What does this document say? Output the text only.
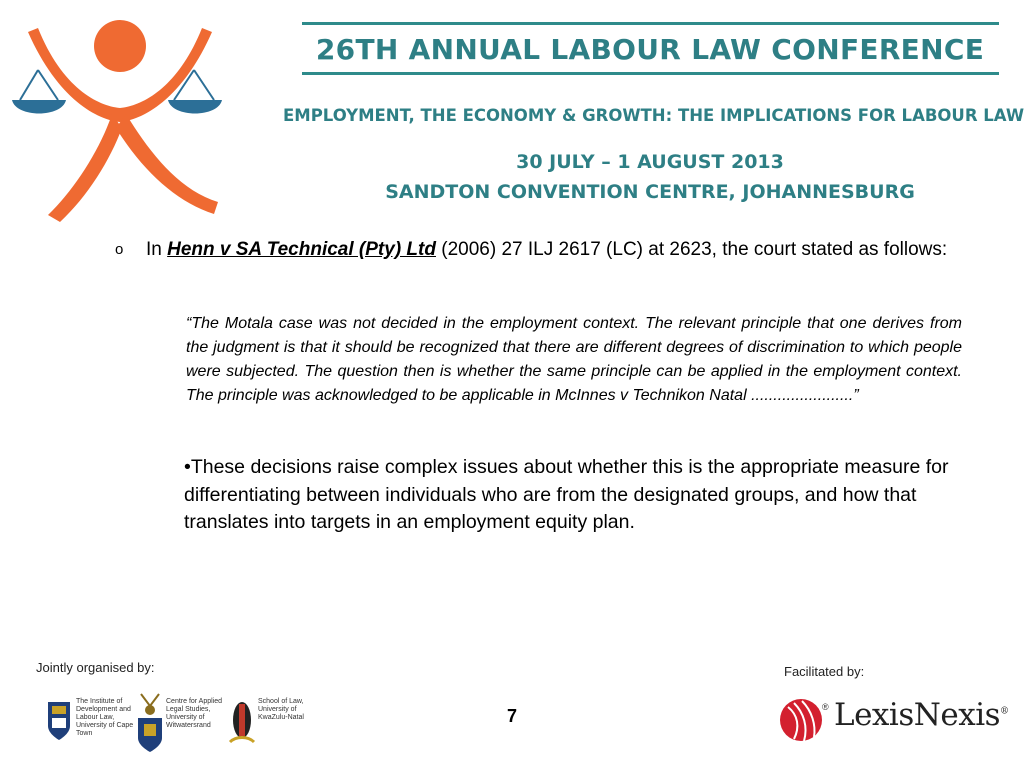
26TH ANNUAL LABOUR LAW CONFERENCE
EMPLOYMENT, THE ECONOMY & GROWTH: THE IMPLICATIONS FOR LABOUR LAW
30 JULY – 1 AUGUST 2013
SANDTON CONVENTION CENTRE, JOHANNESBURG
o In Henn v SA Technical (Pty) Ltd (2006) 27 ILJ 2617 (LC) at 2623, the court stated as follows:
“The Motala case was not decided in the employment context. The relevant principle that one derives from the judgment is that it should be recognized that there are different degrees of discrimination to which people were subjected. The question then is whether the same principle can be applied in the employment context. The principle was acknowledged to be applicable in McInnes v Technikon Natal .......................”
•These decisions raise complex issues about whether this is the appropriate measure for differentiating between individuals who are from the designated groups, and how that translates into targets in an employment equity plan.
Jointly organised by:
The Institute of Development and Labour Law, University of Cape Town
Centre for Applied Legal Studies, University of Witwatersrand
School of Law, University of KwaZulu-Natal	7
Facilitated by:
® LexisNexis®
